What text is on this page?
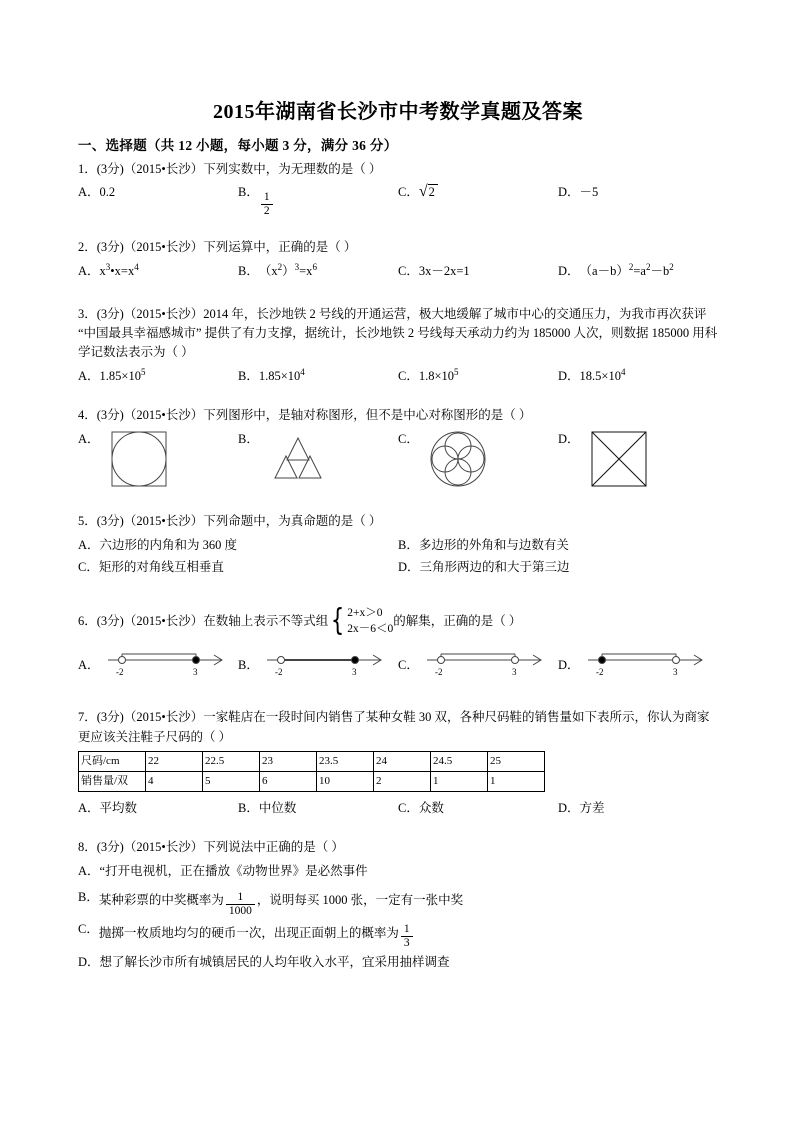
2015年湖南省长沙市中考数学真题及答案
一、选择题（共 12 小题，每小题 3 分，满分 36 分）
1．(3分)（2015•长沙）下列实数中，为无理数的是（ ）
A． 0.2	B． $\frac{1}{2}$	C． √ 2	D． －5
2．(3分)（2015•长沙）下列运算中，正确的是（ ）
A． $x^3•x=x^4$	B． $(x^2)^3=x^6$	C． 3x－2x=1	D． $(a-b)^2=a^2-b^2$
3．(3分)（2015•长沙）2014 年，长沙地铁 2 号线的开通运营，极大地缓解了城市中心的交通压力，为我市再次获评 “中国最具幸福感城市” 提供了有力支撑，据统计，长沙地铁 2 号线每天承动力约为 185000 人次，则数据 185000 用科学记数法表示为（ ）
A． $1.85\times 10^5$	B． $1.85\times 10^4$	C． $1.8\times 10^5$	D． $18.5\times 10^4$
4．(3分)（2015•长沙）下列图形中，是轴对称图形，但不是中心对称图形的是（ ）
A．	B．	C．	D．
5．(3分)（2015•长沙）下列命题中，为真命题的是（ ）
A． 六边形的内角和为 360 度	B． 多边形的外角和与边数有关
C． 矩形的对角线互相垂直	D． 三角形两边的和大于第三边
6．(3分)（2015•长沙）在数轴上表示不等式组 { 2+x＞0
2x－6＜0
的解集，正确的是（ ）
A． -2	3	B． -2	3	C． -2	3	D． -2	3
7．(3分)（2015•长沙）一家鞋店在一段时间内销售了某种女鞋 30 双，各种尺码鞋的销售量如下表所示，你认为商家更应该关注鞋子尺码的（ ）
尺码/cm	22	22.5	23	23.5	24	24.5	25
销售量/双	4	5	6	10	2	1	1
A． 平均数	B． 中位数	C． 众数	D． 方差
8．(3分)（2015•长沙）下列说法中正确的是（ ）
A． “打开电视机，正在播放《动物世界》是必然事件
B． 某种彩票的中奖概率为 $\frac{1}{1000}$ ，说明每买 1000 张，一定有一张中奖
C． 抛掷一枚质地均匀的硬币一次，出现正面朝上的概率为 $\frac{1}{3}$
D． 想了解长沙市所有城镇居民的人均年收入水平，宜采用抽样调查
